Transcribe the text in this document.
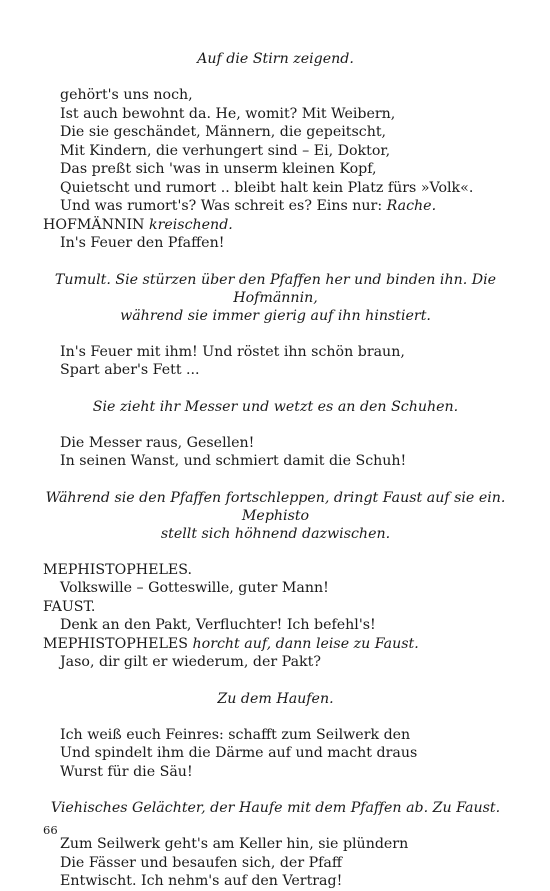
Auf die Stirn zeigend.
gehört's uns noch,
Ist auch bewohnt da. He, womit? Mit Weibern,
Die sie geschändet, Männern, die gepeitscht,
Mit Kindern, die verhungert sind – Ei, Doktor,
Das preßt sich 'was in unserm kleinen Kopf,
Quietscht und rumort .. bleibt halt kein Platz fürs »Volk«.
Und was rumort's? Was schreit es? Eins nur: Rache.
HOFMÄNNIN kreischend.
In's Feuer den Pfaffen!
Tumult. Sie stürzen über den Pfaffen her und binden ihn. Die Hofmännin,
während sie immer gierig auf ihn hinstiert.
In's Feuer mit ihm! Und röstet ihn schön braun,
Spart aber's Fett ...
Sie zieht ihr Messer und wetzt es an den Schuhen.
Die Messer raus, Gesellen!
In seinen Wanst, und schmiert damit die Schuh!
Während sie den Pfaffen fortschleppen, dringt Faust auf sie ein. Mephisto
stellt sich höhnend dazwischen.
MEPHISTOPHELES.
Volkswille – Gotteswille, guter Mann!
FAUST.
Denk an den Pakt, Verfluchter! Ich befehl's!
MEPHISTOPHELES horcht auf, dann leise zu Faust.
Jaso, dir gilt er wiederum, der Pakt?
Zu dem Haufen.
Ich weiß euch Feinres: schafft zum Seilwerk den
Und spindelt ihm die Därme auf und macht draus
Wurst für die Säu!
Viehisches Gelächter, der Haufe mit dem Pfaffen ab. Zu Faust.
Zum Seilwerk geht's am Keller hin, sie plündern
Die Fässer und besaufen sich, der Pfaff
Entwischt. Ich nehm's auf den Vertrag!
66
